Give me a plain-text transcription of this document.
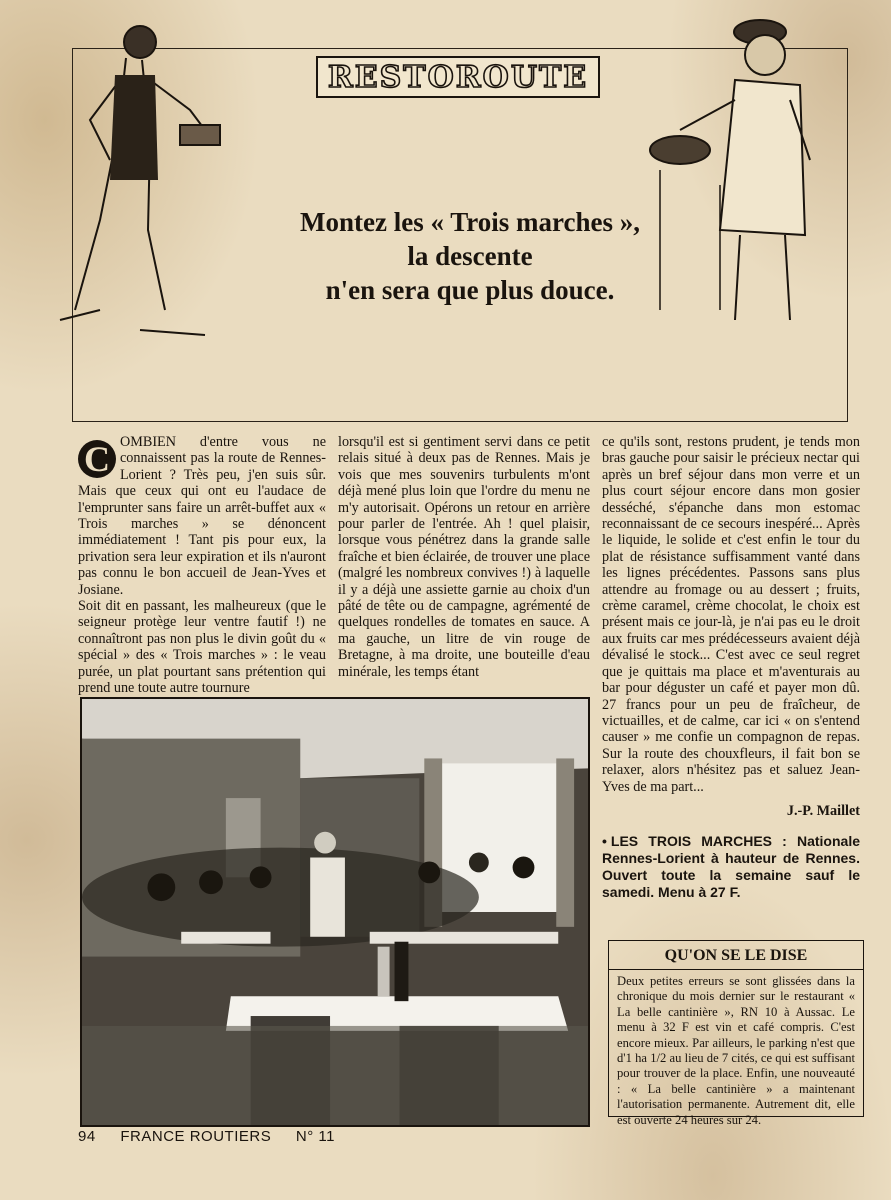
RESTOROUTE
Montez les « Trois marches »,
la descente
n'en sera que plus douce.

C OMBIEN d'entre vous ne connaissent pas la route de Rennes-Lorient ? Très peu, j'en suis sûr. Mais que ceux qui ont eu l'audace de l'emprunter sans faire un arrêt-buffet aux « Trois marches » se dénoncent immédiatement ! Tant pis pour eux, la privation sera leur expiration et ils n'auront pas connu le bon accueil de Jean-Yves et Josiane.

Soit dit en passant, les malheureux (que le seigneur protège leur ventre fautif !) ne connaîtront pas non plus le divin goût du « spécial » des « Trois marches » : le veau purée, un plat pourtant sans prétention qui prend une toute autre tournure

lorsqu'il est si gentiment servi dans ce petit relais situé à deux pas de Rennes. Mais je vois que mes souvenirs turbulents m'ont déjà mené plus loin que l'ordre du menu ne m'y autorisait. Opérons un retour en arrière pour parler de l'entrée. Ah ! quel plaisir, lorsque vous pénétrez dans la grande salle fraîche et bien éclairée, de trouver une place (malgré les nombreux convives !) à laquelle il y a déjà une assiette garnie au choix d'un pâté de tête ou de campagne, agrémenté de quelques rondelles de tomates en sauce. A ma gauche, un litre de vin rouge de Bretagne, à ma droite, une bouteille d'eau minérale, les temps étant

ce qu'ils sont, restons prudent, je tends mon bras gauche pour saisir le précieux nectar qui après un bref séjour dans mon verre et un plus court séjour encore dans mon gosier desséché, s'épanche dans mon estomac reconnaissant de ce secours inespéré... Après le liquide, le solide et c'est enfin le tour du plat de résistance suffisamment vanté dans les lignes précédentes. Passons sans plus attendre au fromage ou au dessert ; fruits, crème caramel, crème chocolat, le choix est présent mais ce jour-là, je n'ai pas eu le droit aux fruits car mes prédécesseurs avaient déjà dévalisé le stock... C'est avec ce seul regret que je quittais ma place et m'aventurais au bar pour déguster un café et payer mon dû. 27 francs pour un peu de fraîcheur, de victuailles, et de calme, car ici « on s'entend causer » me confie un compagnon de repas. Sur la route des chouxfleurs, il fait bon se relaxer, alors n'hésitez pas et saluez Jean-Yves de ma part...

J.-P. Maillet
• LES TROIS MARCHES : Nationale Rennes-Lorient à hauteur de Rennes. Ouvert toute la semaine sauf le samedi. Menu à 27 F.
QU'ON SE LE DISE

Deux petites erreurs se sont glissées dans la chronique du mois dernier sur le restaurant « La belle cantinière », RN 10 à Aussac. Le menu à 32 F est vin et café compris. C'est encore mieux. Par ailleurs, le parking n'est que d'1 ha 1/2 au lieu de 7 cités, ce qui est suffisant pour trouver de la place. Enfin, une nouveauté : « La belle cantinière » a maintenant l'autorisation permanente. Autrement dit, elle est ouverte 24 heures sur 24.

94 FRANCE ROUTIERS N° 11
